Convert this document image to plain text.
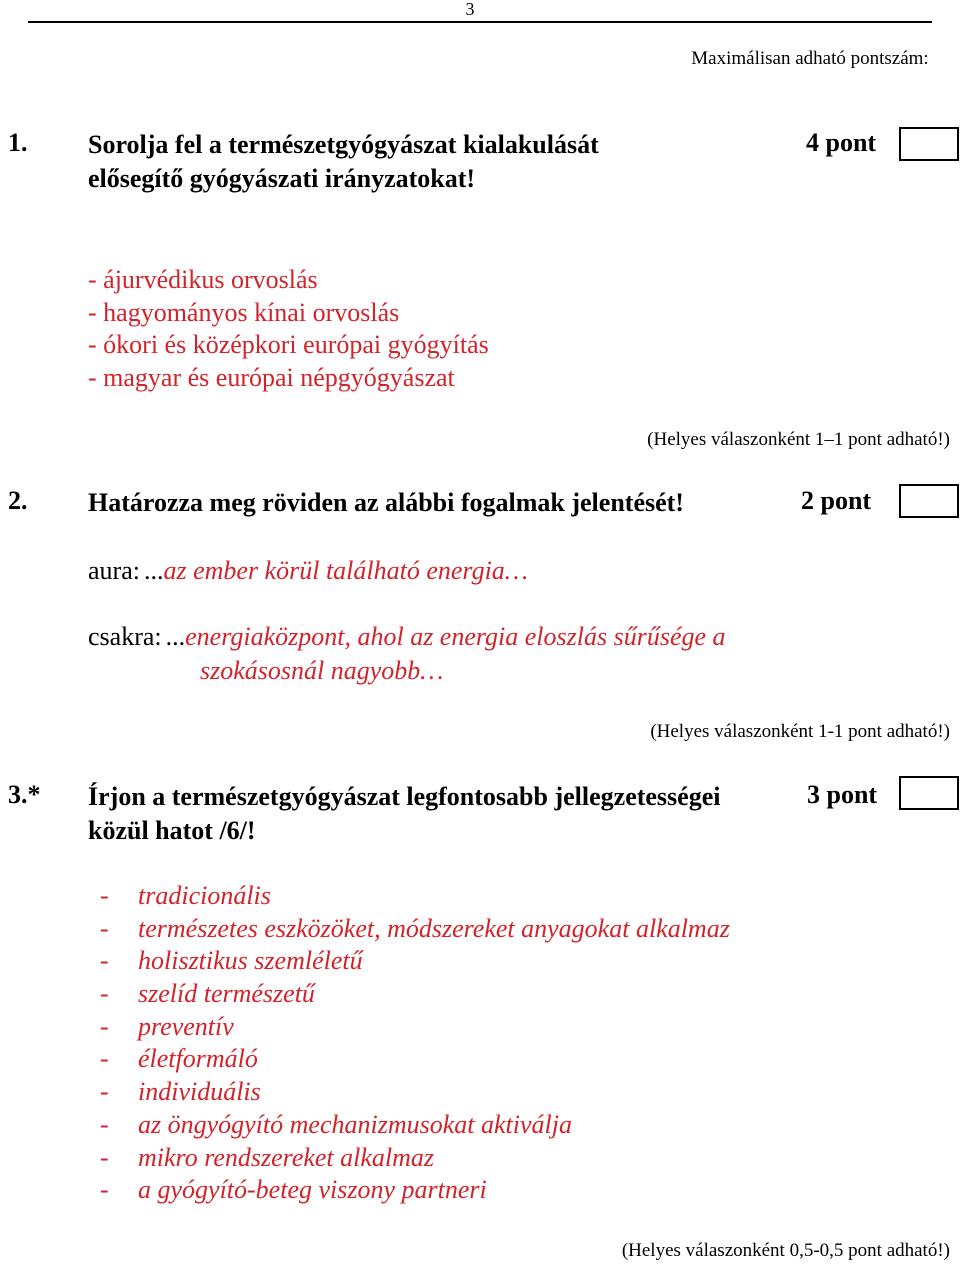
3
Maximálisan adható pontszám:
1. Sorolja fel a természetgyógyászat kialakulását elősegítő gyógyászati irányzatokat!
4 pont
- ájurvédikus orvoslás
- hagyományos kínai orvoslás
- ókori és középkori európai gyógyítás
- magyar és európai népgyógyászat
(Helyes válaszonként 1–1 pont adható!)
2. Határozza meg röviden az alábbi fogalmak jelentését!	2 pont
aura: ...az ember körül található energia…
csakra: ...energiaközpont, ahol az energia eloszlás sűrűsége a
szokásosnál nagyobb…
(Helyes válaszonként 1-1 pont adható!)
3.* Írjon a természetgyógyászat legfontosabb jellegzetességei
közül hatot /6/!
3 pont
- tradicionális
- természetes eszközöket, módszereket anyagokat alkalmaz
- holisztikus szemléletű
- szelíd természetű
- preventív
- életformáló
- individuális
- az öngyógyító mechanizmusokat aktiválja
- mikro rendszereket alkalmaz
- a gyógyító-beteg viszony partneri
(Helyes válaszonként 0,5-0,5 pont adható!)
